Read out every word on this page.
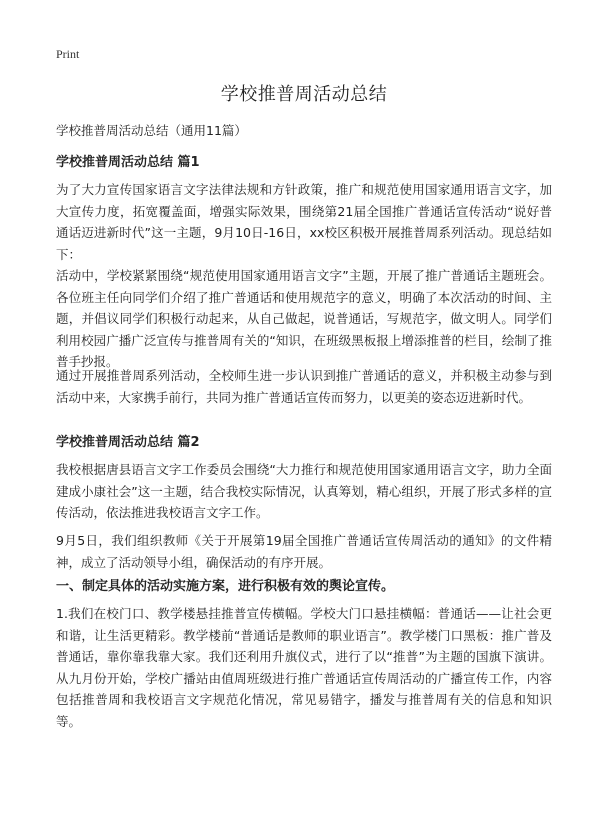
Print
学校推普周活动总结

学校推普周活动总结（通用11篇）

学校推普周活动总结 篇1

为了大力宣传国家语言文字法律法规和方针政策，推广和规范使用国家通用语言文字，加大宣传力度，拓宽覆盖面，增强实际效果，围绕第21届全国推广普通话宣传活动“说好普通话迈进新时代”这一主题，9月10日-16日，xx校区积极开展推普周系列活动。现总结如下：

活动中，学校紧紧围绕“规范使用国家通用语言文字”主题，开展了推广普通话主题班会。各位班主任向同学们介绍了推广普通话和使用规范字的意义，明确了本次活动的时间、主题，并倡议同学们积极行动起来，从自己做起，说普通话，写规范字，做文明人。同学们利用校园广播广泛宣传与推普周有关的“知识，在班级黑板报上增添推普的栏目，绘制了推普手抄报。

通过开展推普周系列活动，全校师生进一步认识到推广普通话的意义，并积极主动参与到活动中来，大家携手前行，共同为推广普通话宣传而努力，以更美的姿态迈进新时代。

学校推普周活动总结 篇2

我校根据唐县语言文字工作委员会围绕“大力推行和规范使用国家通用语言文字，助力全面建成小康社会”这一主题，结合我校实际情况，认真筹划，精心组织，开展了形式多样的宣传活动，依法推进我校语言文字工作。

9月5日，我们组织教师《关于开展第19届全国推广普通话宣传周活动的通知》的文件精神，成立了活动领导小组，确保活动的有序开展。

一、制定具体的活动实施方案，进行积极有效的舆论宣传。

1.我们在校门口、教学楼悬挂推普宣传横幅。学校大门口悬挂横幅：普通话——让社会更和谐，让生活更精彩。教学楼前“普通话是教师的职业语言”。教学楼门口黑板：推广普及普通话，靠你靠我靠大家。我们还利用升旗仪式，进行了以“推普”为主题的国旗下演讲。从九月份开始，学校广播站由值周班级进行推广普通话宣传周活动的广播宣传工作，内容包括推普周和我校语言文字规范化情况，常见易错字，播发与推普周有关的信息和知识等。
